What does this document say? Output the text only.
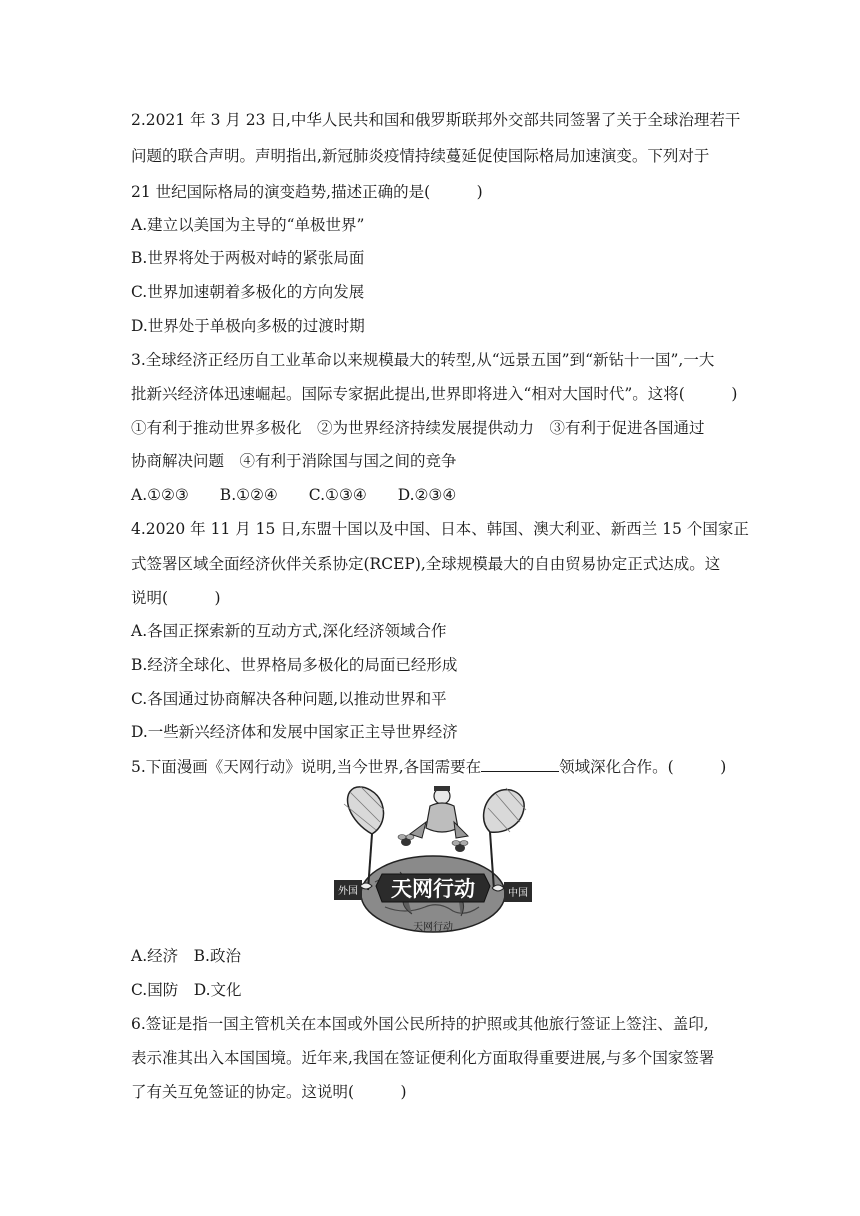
2.2021 年 3 月 23 日,中华人民共和国和俄罗斯联邦外交部共同签署了关于全球治理若干
问题的联合声明。声明指出,新冠肺炎疫情持续蔓延促使国际格局加速演变。下列对于
21 世纪国际格局的演变趋势,描述正确的是(　　　)
A.建立以美国为主导的“单极世界”
B.世界将处于两极对峙的紧张局面
C.世界加速朝着多极化的方向发展
D.世界处于单极向多极的过渡时期
3.全球经济正经历自工业革命以来规模最大的转型,从“远景五国”到“新钻十一国”,一大
批新兴经济体迅速崛起。国际专家据此提出,世界即将进入“相对大国时代”。这将(　　　)
①有利于推动世界多极化　②为世界经济持续发展提供动力　③有利于促进各国通过
协商解决问题　④有利于消除国与国之间的竞争
A.①②③　　B.①②④　　C.①③④　　D.②③④
4.2020 年 11 月 15 日,东盟十国以及中国、日本、韩国、澳大利亚、新西兰 15 个国家正
式签署区域全面经济伙伴关系协定(RCEP),全球规模最大的自由贸易协定正式达成。这
说明(　　　)
A.各国正探索新的互动方式,深化经济领域合作
B.经济全球化、世界格局多极化的局面已经形成
C.各国通过协商解决各种问题,以推动世界和平
D.一些新兴经济体和发展中国家正主导世界经济
5.下面漫画《天网行动》说明,当今世界,各国需要在	领域深化合作。(　　　)
天网行动
外国	中国
天网行动
A.经济　B.政治
C.国防　D.文化
6.签证是指一国主管机关在本国或外国公民所持的护照或其他旅行签证上签注、盖印,
表示准其出入本国国境。近年来,我国在签证便利化方面取得重要进展,与多个国家签署
了有关互免签证的协定。这说明(　　　)
